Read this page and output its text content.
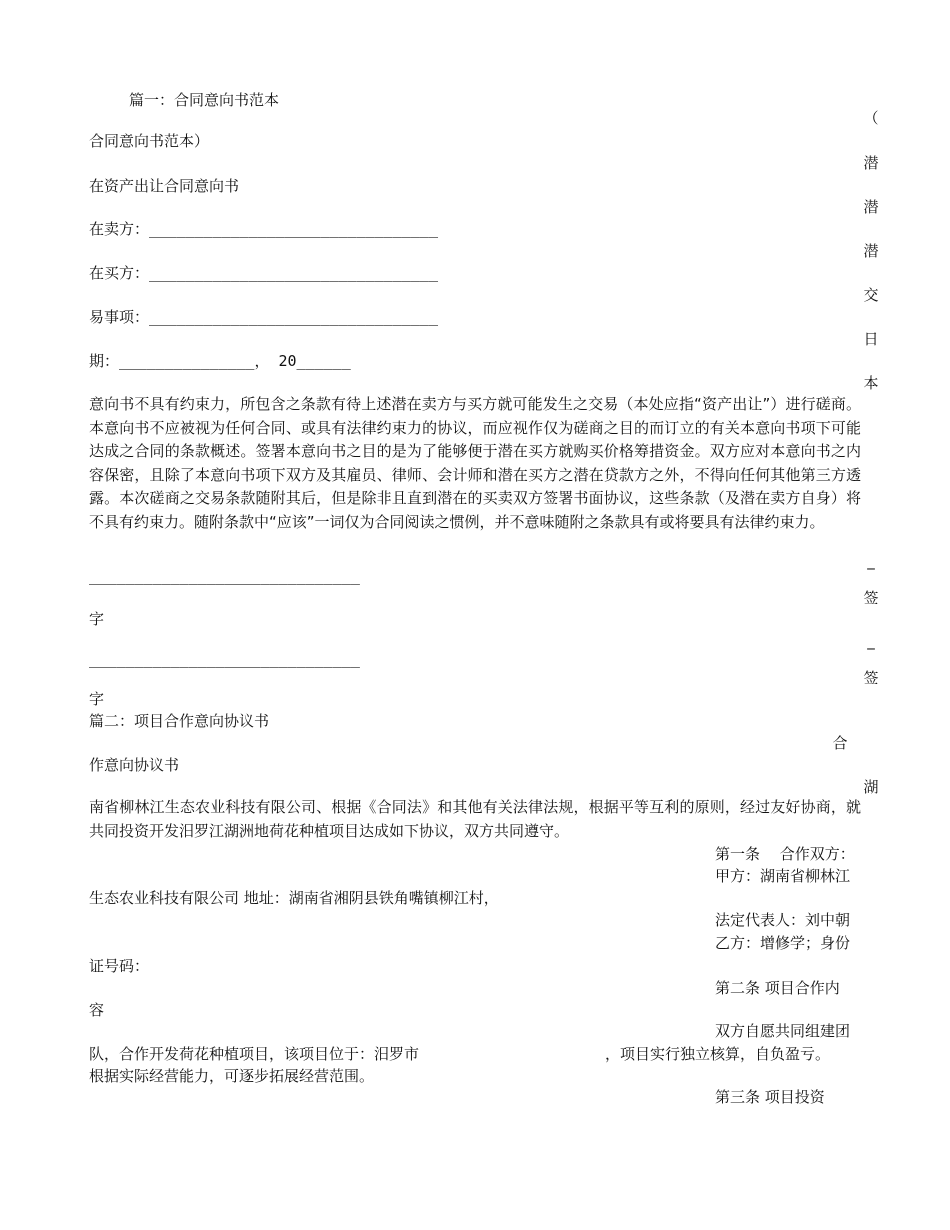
篇一：合同意向书范本
合同意向书范本）
在资产出让合同意向书
在卖方：________________________________
在买方：________________________________
易事项：________________________________
期：_______________， 20______
意向书不具有约束力，所包含之条款有待上述潜在卖方与买方就可能发生之交易（本处应指“资产出让”）进行磋商。本意向书不应被视为任何合同、或具有法律约束力的协议，而应视作仅为磋商之目的而订立的有关本意向书项下可能达成之合同的条款概述。签署本意向书之目的是为了能够便于潜在买方就购买价格筹措资金。双方应对本意向书之内容保密，且除了本意向书项下双方及其雇员、律师、会计师和潜在买方之潜在贷款方之外，不得向任何其他第三方透露。本次磋商之交易条款随附其后，但是除非且直到潜在的买卖双方签署书面协议，这些条款（及潜在卖方自身）将不具有约束力。随附条款中“应该”一词仅为合同阅读之惯例，并不意味随附之条款具有或将要具有法律约束力。
______________________________
字
______________________________
字
（
潜
潜
潜
交
日
本
_
签
_
签
合
湖
篇二：项目合作意向协议书
作意向协议书
南省柳林江生态农业科技有限公司、根据《合同法》和其他有关法律法规，根据平等互利的原则，经过友好协商，就共同投资开发汨罗江湖洲地荷花种植项目达成如下协议，双方共同遵守。
第一条　 合作双方：
甲方：湖南省柳林江
生态农业科技有限公司 地址：湖南省湘阴县铁角嘴镇柳江村，
法定代表人：刘中朝
乙方：增修学；身份
证号码：
第二条 项目合作内
容
双方自愿共同组建团
队，合作开发荷花种植项目，该项目位于：汨罗市	，项目实行独立核算，自负盈亏。
根据实际经营能力，可逐步拓展经营范围。
第三条 项目投资
